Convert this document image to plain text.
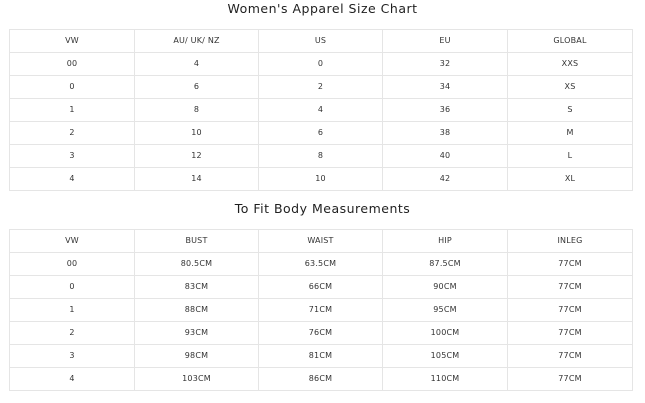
Women's Apparel Size Chart
VW	AU/ UK/ NZ	US	EU	GLOBAL
00	4	0	32	XXS
0	6	2	34	XS
1	8	4	36	S
2	10	6	38	M
3	12	8	40	L
4	14	10	42	XL
To Fit Body Measurements
VW	BUST	WAIST	HIP	INLEG
00	80.5CM	63.5CM	87.5CM	77CM
0	83CM	66CM	90CM	77CM
1	88CM	71CM	95CM	77CM
2	93CM	76CM	100CM	77CM
3	98CM	81CM	105CM	77CM
4	103CM	86CM	110CM	77CM
